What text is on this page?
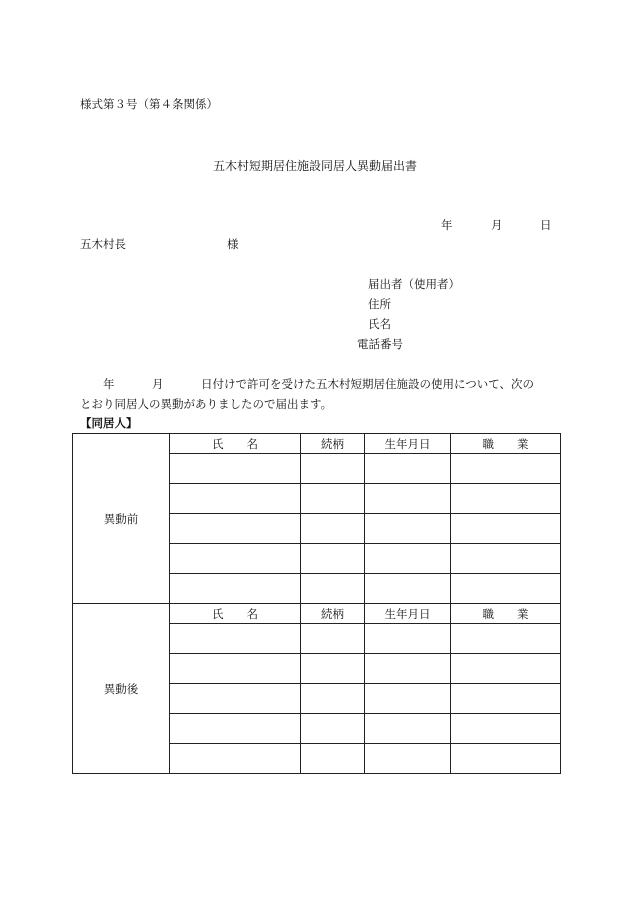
様式第３号（第４条関係）
五木村短期居住施設同居人異動届出書
年	月	日
五木村長	様
届出者（使用者）
住所
氏名
電話番号
年	月	日付けで許可を受けた五木村短期居住施設の使用について、次の
とおり同居人の異動がありましたので届出ます。
【同居人】
異動前	氏　　名	続柄	生年月日	職　　業

異動後	氏　　名	続柄	生年月日	職　　業
